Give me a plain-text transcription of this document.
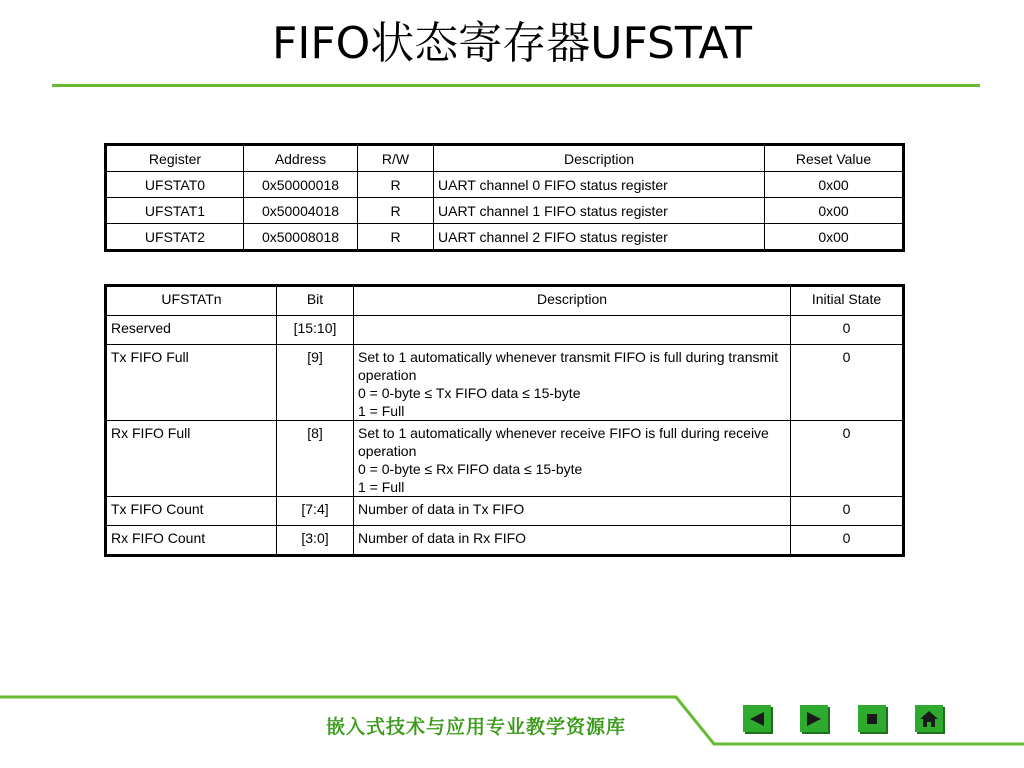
FIFO状态寄存器UFSTAT
Register	Address	R/W	Description	Reset Value
UFSTAT0	0x50000018	R	UART channel 0 FIFO status register	0x00
UFSTAT1	0x50004018	R	UART channel 1 FIFO status register	0x00
UFSTAT2	0x50008018	R	UART channel 2 FIFO status register	0x00
UFSTATn	Bit	Description	Initial State
Reserved	[15:10]		0
Tx FIFO Full	[9]	Set to 1 automatically whenever transmit FIFO is full during transmit operation
0 = 0-byte ≤ Tx FIFO data ≤ 15-byte
1 = Full	0
Rx FIFO Full	[8]	Set to 1 automatically whenever receive FIFO is full during receive operation
0 = 0-byte ≤ Rx FIFO data ≤ 15-byte
1 = Full	0
Tx FIFO Count	[7:4]	Number of data in Tx FIFO	0
Rx FIFO Count	[3:0]	Number of data in Rx FIFO	0
嵌入式技术与应用专业教学资源库
